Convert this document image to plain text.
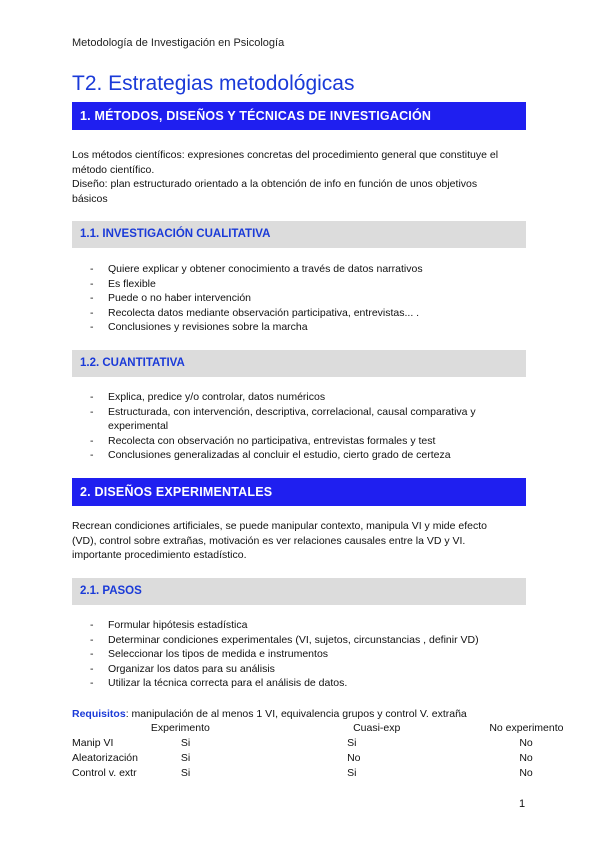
Metodología de Investigación en Psicología
T2. Estrategias metodológicas
1. MÉTODOS, DISEÑOS Y TÉCNICAS DE INVESTIGACIÓN

Los métodos científicos: expresiones concretas del procedimiento general que constituye el

método científico.

Diseño: plan estructurado orientado a la obtención de info en función de unos objetivos

básicos

1.1. INVESTIGACIÓN CUALITATIVA
- Quiere explicar y obtener conocimiento a través de datos narrativos
- Es flexible
- Puede o no haber intervención
- Recolecta datos mediante observación participativa, entrevistas... .
- Conclusiones y revisiones sobre la marcha
1.2. CUANTITATIVA
- Explica, predice y/o controlar, datos numéricos
- Estructurada, con intervención, descriptiva, correlacional, causal comparativa y experimental
- Recolecta con observación no participativa, entrevistas formales y test
- Conclusiones generalizadas al concluir el estudio, cierto grado de certeza
2. DISEÑOS EXPERIMENTALES

Recrean condiciones artificiales, se puede manipular contexto, manipula VI y mide efecto

(VD), control sobre extrañas, motivación es ver relaciones causales entre la VD y VI.

importante procedimiento estadístico.

2.1. PASOS
- Formular hipótesis estadística
- Determinar condiciones experimentales (VI, sujetos, circunstancias , definir VD)
- Seleccionar los tipos de medida e instrumentos
- Organizar los datos para su análisis
- Utilizar la técnica correcta para el análisis de datos.
Requisitos: manipulación de al menos 1 VI, equivalencia grupos y control V. extraña
	Experimento	Cuasi-exp	No experimento
Manip VI	Si	Si	No
Aleatorización	Si	No	No
Control v. extr	Si	Si	No
1
